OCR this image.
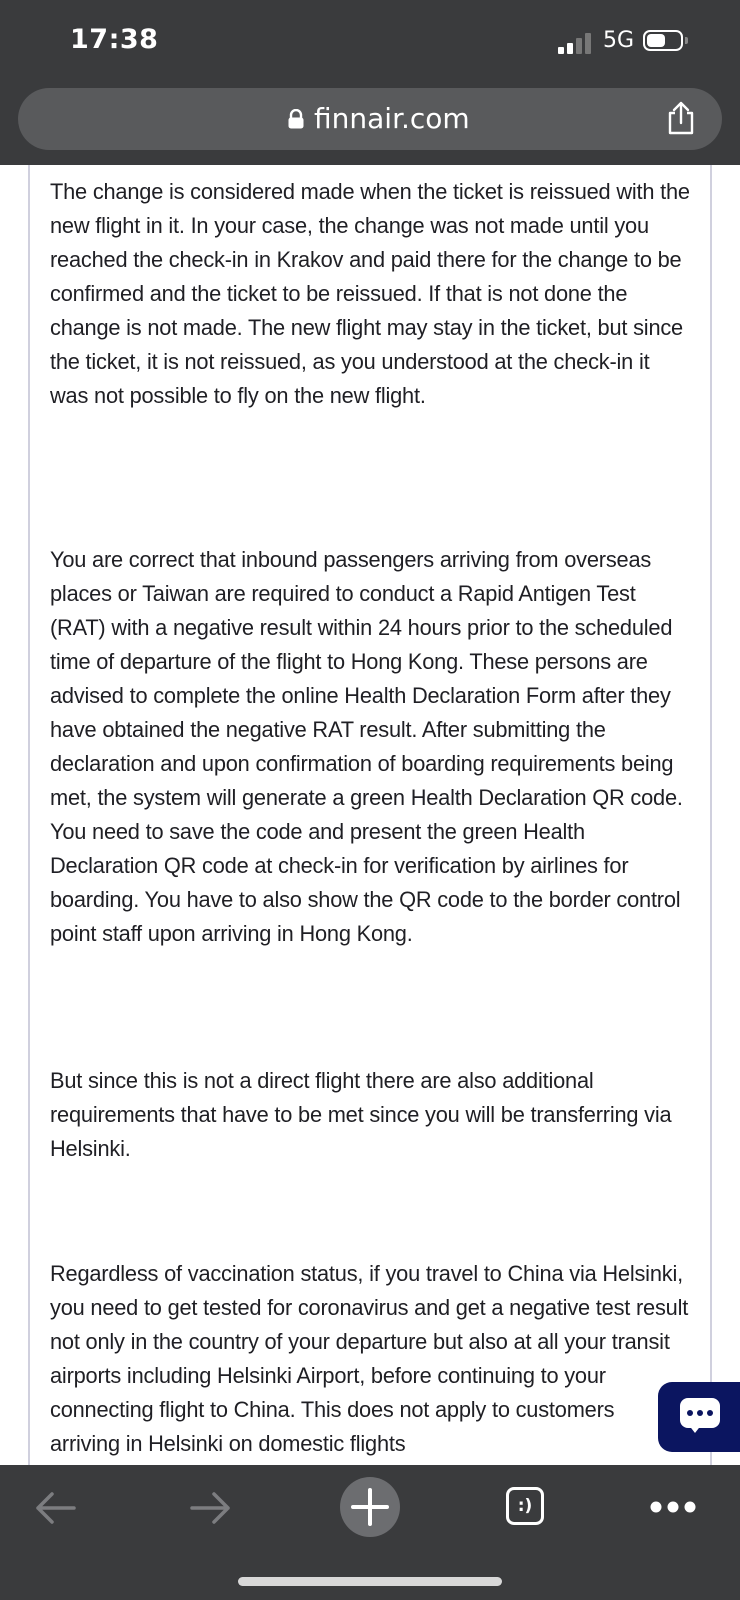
17:38	5G
finnair.com

The change is considered made when the ticket is reissued with the new flight in it. In your case, the change was not made until you reached the check-in in Krakov and paid there for the change to be confirmed and the ticket to be reissued. If that is not done the change is not made. The new flight may stay in the ticket, but since the ticket, it is not reissued, as you understood at the check-in it was not possible to fly on the new flight.

You are correct that inbound passengers arriving from overseas places or Taiwan are required to conduct a Rapid Antigen Test (RAT) with a negative result within 24 hours prior to the scheduled time of departure of the flight to Hong Kong. These persons are advised to complete the online Health Declaration Form after they have obtained the negative RAT result. After submitting the declaration and upon confirmation of boarding requirements being met, the system will generate a green Health Declaration QR code. You need to save the code and present the green Health Declaration QR code at check-in for verification by airlines for boarding. You have to also show the QR code to the border control point staff upon arriving in Hong Kong.

But since this is not a direct flight there are also additional requirements that have to be met since you will be transferring via Helsinki.

Regardless of vaccination status, if you travel to China via Helsinki, you need to get tested for coronavirus and get a negative test result not only in the country of your departure but also at all your transit airports including Helsinki Airport, before continuing to your connecting flight to China. This does not apply to customers arriving in Helsinki on domestic flights

:)
